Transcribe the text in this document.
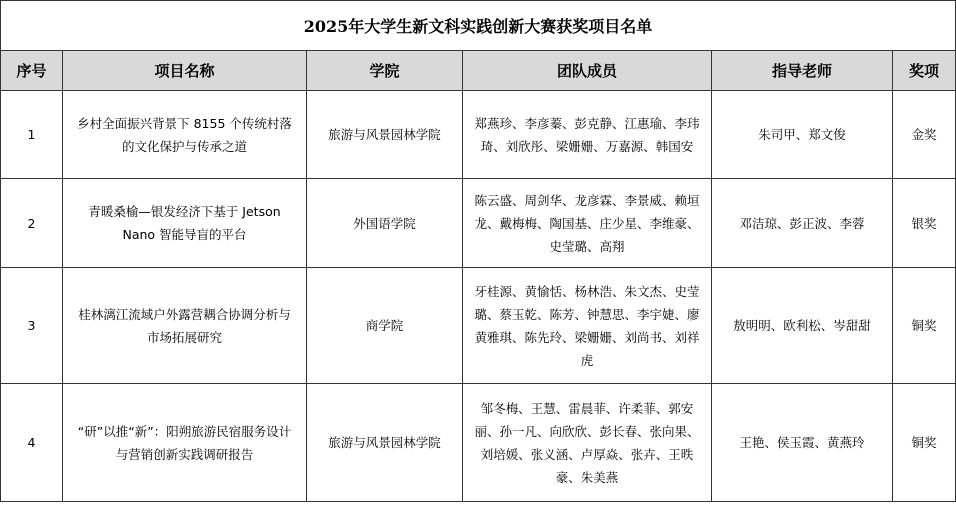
2025年大学生新文科实践创新大赛获奖项目名单					
序号	项目名称	学院	团队成员	指导老师	奖项
1	乡村全面振兴背景下 8155 个传统村落的文化保护与传承之道	旅游与风景园林学院	郑燕珍、李彦蓁、彭克静、江惠瑜、李玮琦、刘欣彤、梁姗姗、万嘉源、韩国安	朱司甲、郑文俊	金奖
2	青暖桑榆—银发经济下基于 Jetson Nano 智能导盲的平台	外国语学院	陈云盛、周剑华、龙彦霖、李景威、赖垣龙、戴梅梅、陶国基、庄少星、李维豪、史莹璐、高翔	邓洁琼、彭正波、李蓉	银奖
3	桂林漓江流域户外露营耦合协调分析与市场拓展研究	商学院	牙桂源、黄愉恬、杨林浩、朱文杰、史莹璐、蔡玉乾、陈芳、钟慧思、李宇婕、廖黄雅琪、陈先玲、梁姗姗、刘尚书、刘祥虎	敖明明、欧利松、岑甜甜	铜奖
4	“研”以推“新”：阳朔旅游民宿服务设计与营销创新实践调研报告	旅游与风景园林学院	邹冬梅、王慧、雷晨菲、许柔菲、郭安丽、孙一凡、向欣欣、彭长春、张向果、刘培媛、张义涵、卢厚焱、张卉、王昳豪、朱美燕	王艳、侯玉霞、黄燕玲	铜奖
